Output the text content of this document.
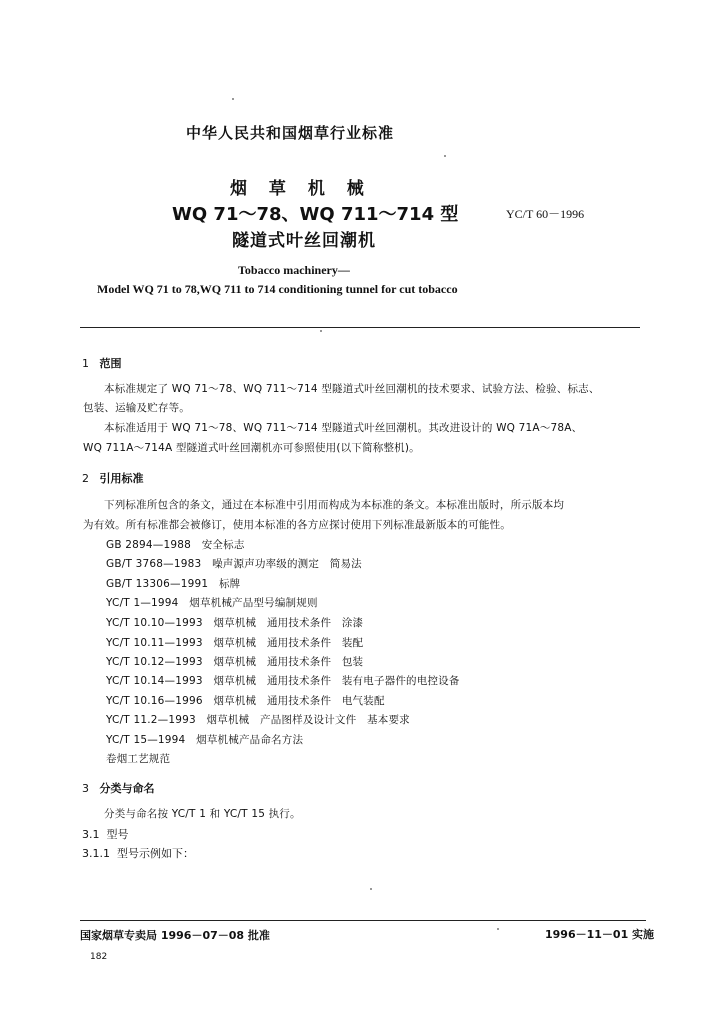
中华人民共和国烟草行业标准
烟 草 机 械
WQ 71～78、WQ 711～714 型	YC/T 60－1996
隧道式叶丝回潮机
Tobacco machinery—
Model WQ 71 to 78,WQ 711 to 714 conditioning tunnel for cut tobacco
1 范围
本标准规定了 WQ 71～78、WQ 711～714 型隧道式叶丝回潮机的技术要求、试验方法、检验、标志、
包装、运输及贮存等。
本标准适用于 WQ 71～78、WQ 711～714 型隧道式叶丝回潮机。其改进设计的 WQ 71A～78A、
WQ 711A～714A 型隧道式叶丝回潮机亦可参照使用(以下简称整机)。
2 引用标准
下列标准所包含的条文，通过在本标准中引用而构成为本标准的条文。本标准出版时，所示版本均
为有效。所有标准都会被修订，使用本标准的各方应探讨使用下列标准最新版本的可能性。
GB 2894—1988　安全标志
GB/T 3768—1983　噪声源声功率级的测定　简易法
GB/T 13306—1991　标牌
YC/T 1—1994　烟草机械产品型号编制规则
YC/T 10.10—1993　烟草机械　通用技术条件　涂漆
YC/T 10.11—1993　烟草机械　通用技术条件　装配
YC/T 10.12—1993　烟草机械　通用技术条件　包装
YC/T 10.14—1993　烟草机械　通用技术条件　装有电子器件的电控设备
YC/T 10.16—1996　烟草机械　通用技术条件　电气装配
YC/T 11.2—1993　烟草机械　产品图样及设计文件　基本要求
YC/T 15—1994　烟草机械产品命名方法
卷烟工艺规范
3 分类与命名
分类与命名按 YC/T 1 和 YC/T 15 执行。
3.1 型号
3.1.1 型号示例如下：
国家烟草专卖局 1996－07－08 批准	1996－11－01 实施
182
